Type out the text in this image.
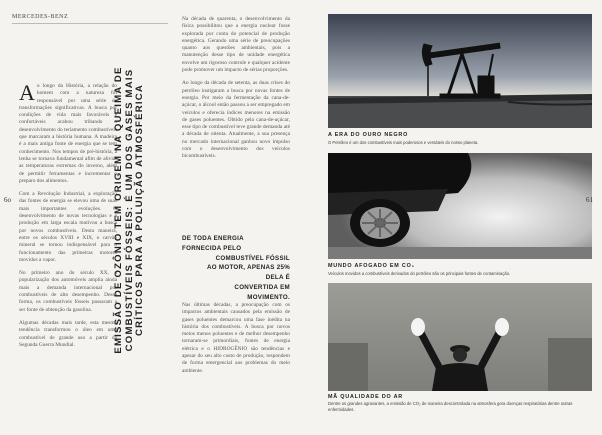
MERCEDES-BENZ

Ao longo da História, a relação do homem com a natureza foi responsável por uma série de transformações significativas. A busca por condições de vida mais favoráveis e confortáveis acabou tribando o desenvolvimento do teriamento combustíveis que marcaram a história humana. A madeira é a mais antiga fonte de energia que se tem conhecimento. Nos tempos de pré-história, a lenha se tornava fundamental afim de aliviar as temperaturas extremas do inverno, além de permitir ferramentas e incrementar o preparo dos alimentos.

Com a Revolução Industrial, a exploração das fontes de energia se elevou uma de suas mais importantes evoluções. O desenvolvimento de novas tecnologias e a produção em larga escala motivou a busca por novos combustíveis. Desta maneira, entre os séculos XVIII e XIX, o carvão mineral se tornou indispensável para o funcionamento das primeiras motores movidos a vapor.

No primeiro ano do século XX, a popularização dos automóveis amplia ainda mais a demanda internacional por combustíveis de alto desempenho. Dessa forma, os combustíveis fósseis passaram a ser fonte de obtenção da gasolina.

Algumas décadas mais tarde, esta mesma tendência transformou o óleo em uma combustível de grande uso a partir da Segunda Guerra Mundial.	EMISSÃO DE OZÔNIO TEM ORIGEM NA QUEIMA DE COMBUSTÍVEIS FÓSSEIS: É UM DOS GASES MAIS CRÍTICOS PARA A POLUIÇÃO ATMOSFÉRICA

Na década de quarenta, o desenvolvimento da física possibilitou que a energia nuclear fosse explorada por conta do potencial de produção energética. Gerando uma série de preocupações quanto aos questões ambientais, pois a manutenção desse tipo de unidade energética envolve um rigoroso controle e qualquer acidente pode promover um impacto de sérias proporções.

Ao longo da década de setenta, as duas crises do petróleo instigaram a busca por novas fontes de energia. Por meio da fermentação da cana-de-açúcar, o álcool então passou a ser empregado em veículos e oferecia índices menores na emissão de gases poluentes. Obtido pela cana-de-açúcar, esse tipo de combustível teve grande demanda até a década de oitenta. Atualmente, a sua presença no mercado internacional ganhou novo impulso com o desenvolvimento dos veículos bicombustíveis.

DE TODA ENERGIA
FORNECIDA PELO
COMBUSTÍVEL FÓSSIL
AO MOTOR, APENAS 25%
DELA É
CONVERTIDA EM
MOVIMENTO.

Nas últimas décadas, a preocupação com os impactos ambientais causados pela emissão de gases poluentes demarcou uma fase inédita na história dos combustíveis. A busca por novos meios menos poluentes e de melhor desempenho tornaram-se primordiais, fontes de energia elétrica e o HIDROGÊNIO são tendências e apesar do seu alto custo de produção, respondem de forma emergencial aos problemas do meio ambiente.

A ERA DO OURO NEGRO
O Petróleo é um dos combustíveis mais poderosos e versáteis do nosso planeta.
MUNDO AFOGADO EM CO₂
Veículos movidos a combustíveis derivados do petróleo são os principais fontes de contaminação.
MÃ QUALIDADE DO AR
Dentre os grandes agravantes, a emissão de CO₂ de maneira descontrolada na atmosfera gera doenças respiratórias dentre outras enfermidades.
6o	61
